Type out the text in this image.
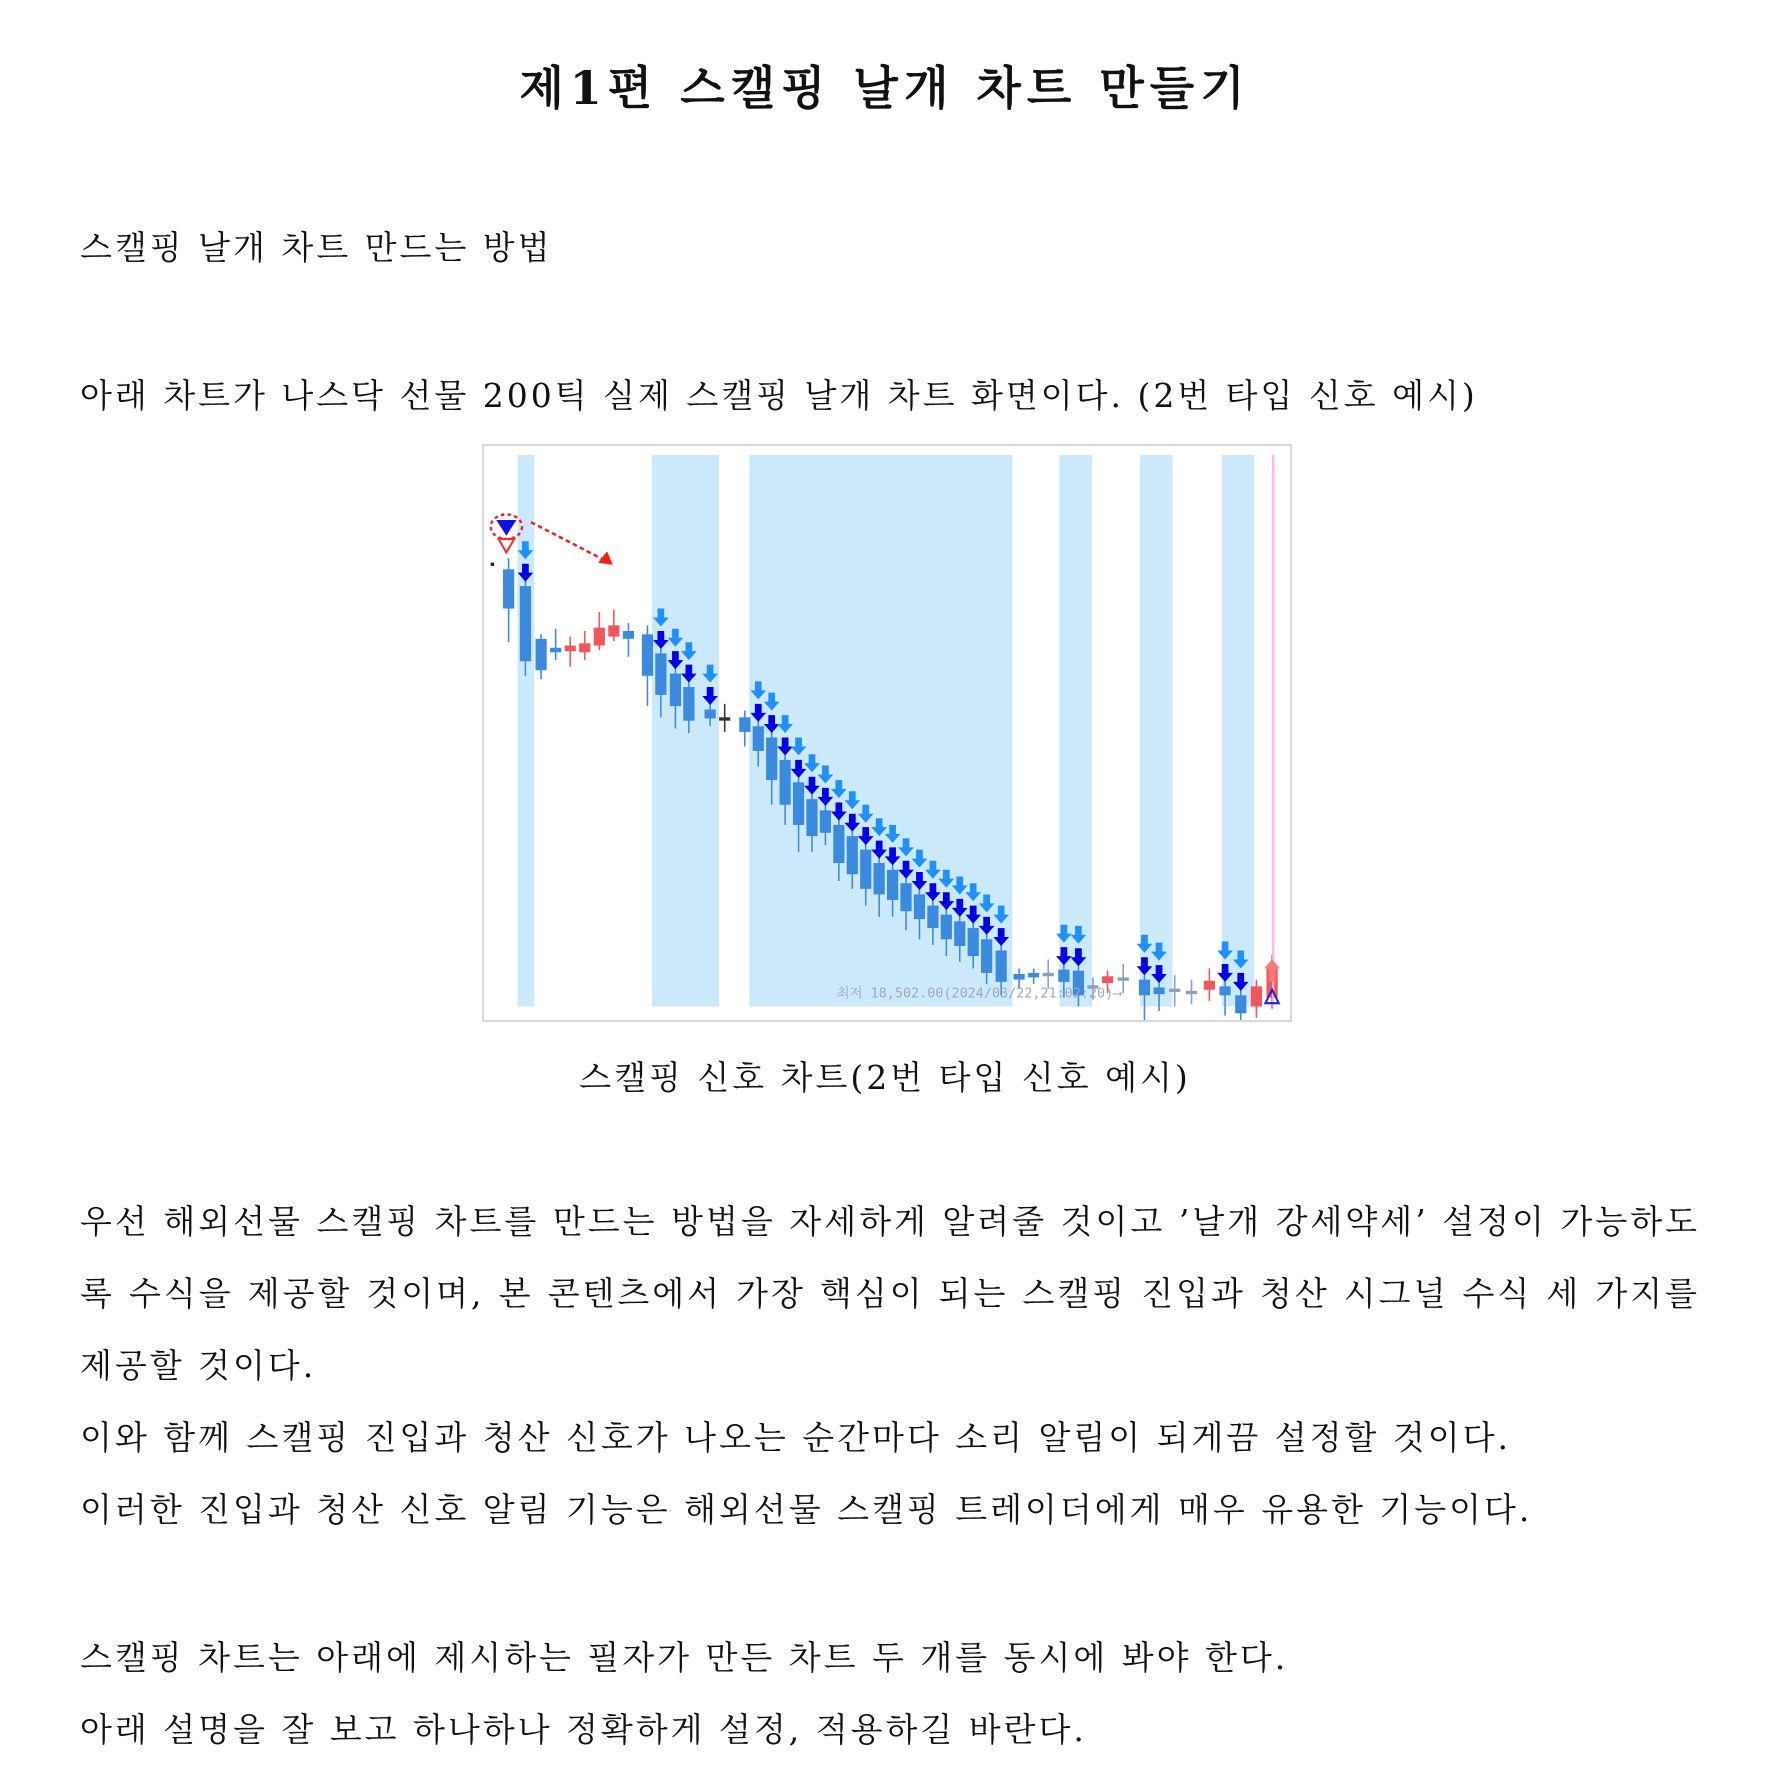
제1편 스캘핑 날개 차트 만들기
스캘핑 날개 차트 만드는 방법
아래 차트가 나스닥 선물 200틱 실제 스캘핑 날개 차트 화면이다. (2번 타입 신호 예시)
최저 18,502.00(2024/03/22,21:02:20)⟶
스캘핑 신호 차트(2번 타입 신호 예시)

우선 해외선물 스캘핑 차트를 만드는 방법을 자세하게 알려줄 것이고 ’날개 강세약세’ 설정이 가능하도록 수식을 제공할 것이며, 본 콘텐츠에서 가장 핵심이 되는 스캘핑 진입과 청산 시그널 수식 세 가지를 제공할 것이다.

이와 함께 스캘핑 진입과 청산 신호가 나오는 순간마다 소리 알림이 되게끔 설정할 것이다.

이러한 진입과 청산 신호 알림 기능은 해외선물 스캘핑 트레이더에게 매우 유용한 기능이다.

스캘핑 차트는 아래에 제시하는 필자가 만든 차트 두 개를 동시에 봐야 한다.

아래 설명을 잘 보고 하나하나 정확하게 설정, 적용하길 바란다.
